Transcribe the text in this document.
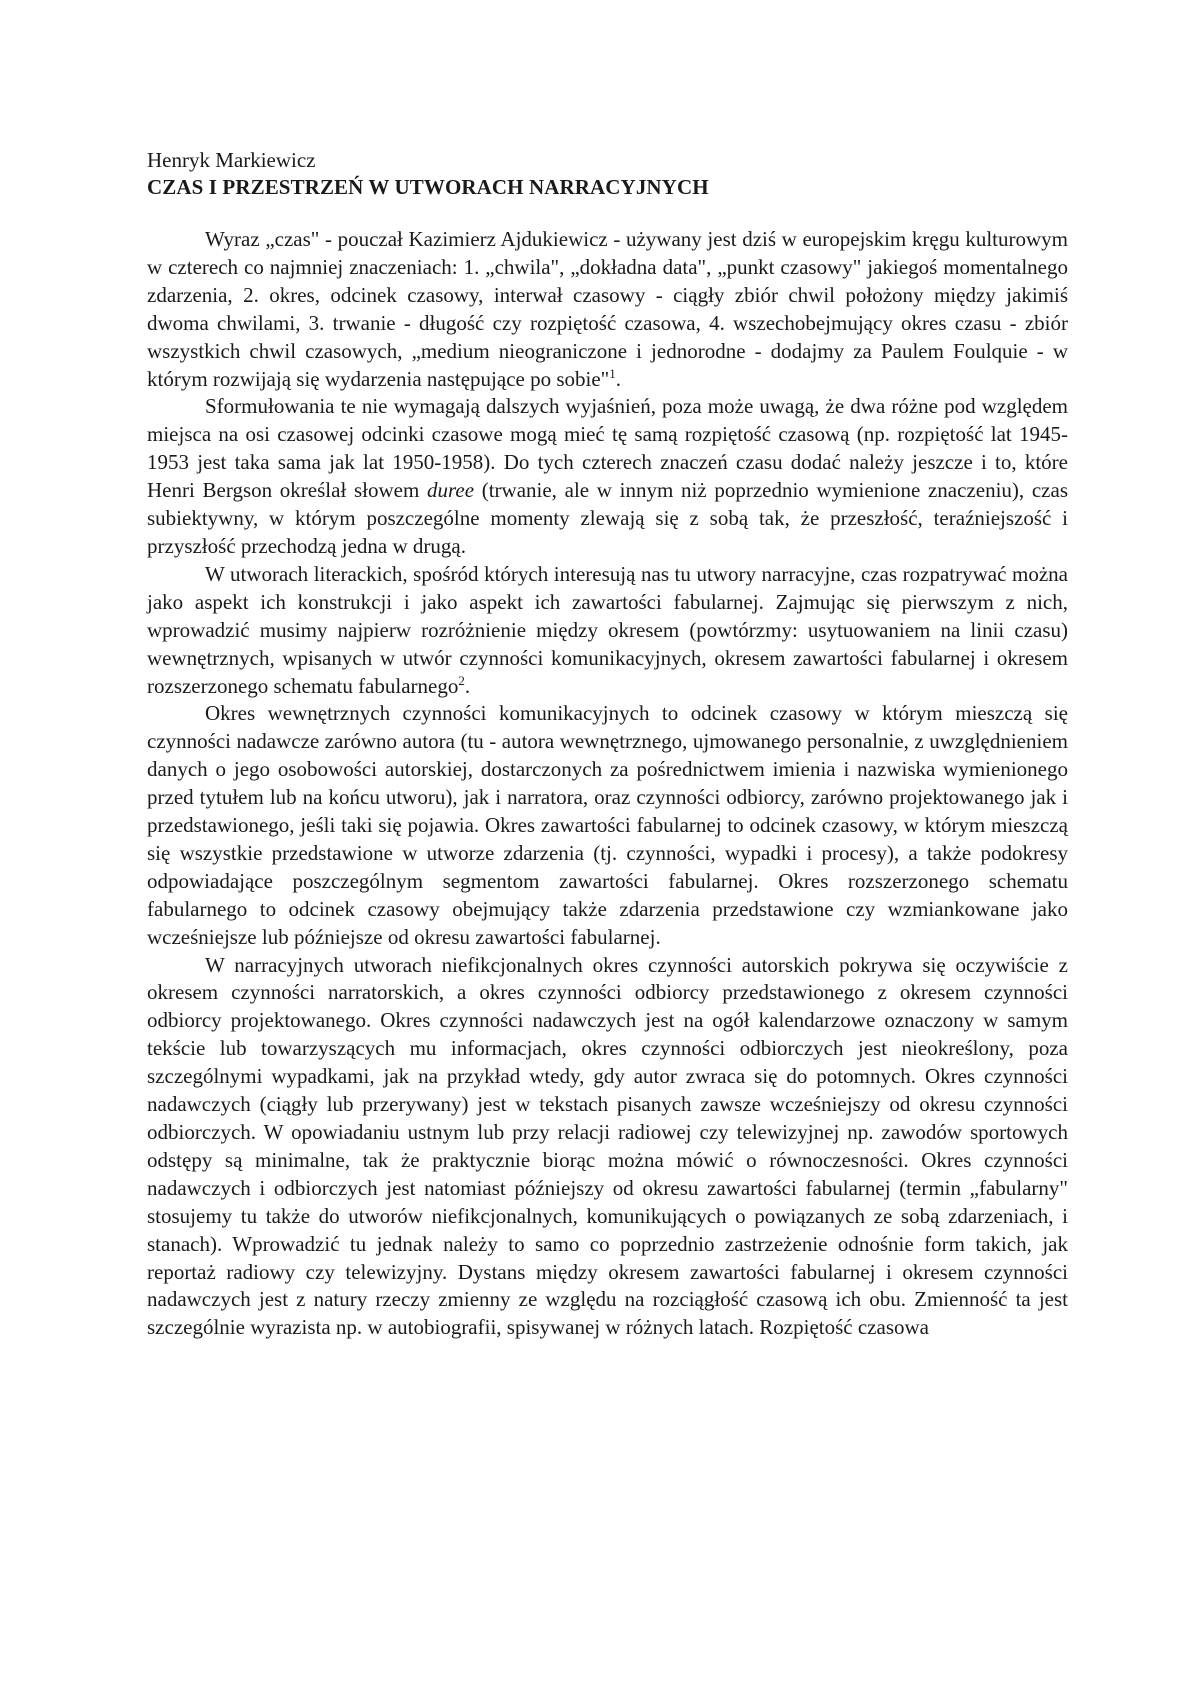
Henryk Markiewicz

CZAS I PRZESTRZEŃ W UTWORACH NARRACYJNYCH

Wyraz „czas" - pouczał Kazimierz Ajdukiewicz - używany jest dziś w europejskim kręgu kulturowym w czterech co najmniej znaczeniach: 1. „chwila", „dokładna data", „punkt czasowy" jakiegoś momentalnego zdarzenia, 2. okres, odcinek czasowy, interwał czasowy - ciągły zbiór chwil położony między jakimiś dwoma chwilami, 3. trwanie - długość czy rozpiętość czasowa, 4. wszechobejmujący okres czasu - zbiór wszystkich chwil czasowych, „medium nieograniczone i jednorodne - dodajmy za Paulem Foulquie - w którym rozwijają się wydarzenia następujące po sobie"$^1$.

Sformułowania te nie wymagają dalszych wyjaśnień, poza może uwagą, że dwa różne pod względem miejsca na osi czasowej odcinki czasowe mogą mieć tę samą rozpiętość czasową (np. rozpiętość lat 1945-1953 jest taka sama jak lat 1950-1958). Do tych czterech znaczeń czasu dodać należy jeszcze i to, które Henri Bergson określał słowem duree (trwanie, ale w innym niż poprzednio wymienione znaczeniu), czas subiektywny, w którym poszczególne momenty zlewają się z sobą tak, że przeszłość, teraźniejszość i przyszłość przechodzą jedna w drugą.

W utworach literackich, spośród których interesują nas tu utwory narracyjne, czas rozpatrywać można jako aspekt ich konstrukcji i jako aspekt ich zawartości fabularnej. Zajmując się pierwszym z nich, wprowadzić musimy najpierw rozróżnienie między okresem (powtórzmy: usytuowaniem na linii czasu) wewnętrznych, wpisanych w utwór czynności komunikacyjnych, okresem zawartości fabularnej i okresem rozszerzonego schematu fabularnego$^2$.

Okres wewnętrznych czynności komunikacyjnych to odcinek czasowy w którym mieszczą się czynności nadawcze zarówno autora (tu - autora wewnętrznego, ujmowanego personalnie, z uwzględnieniem danych o jego osobowości autorskiej, dostarczonych za pośrednictwem imienia i nazwiska wymienionego przed tytułem lub na końcu utworu), jak i narratora, oraz czynności odbiorcy, zarówno projektowanego jak i przedstawionego, jeśli taki się pojawia. Okres zawartości fabularnej to odcinek czasowy, w którym mieszczą się wszystkie przedstawione w utworze zdarzenia (tj. czynności, wypadki i procesy), a także podokresy odpowiadające poszczególnym segmentom zawartości fabularnej. Okres rozszerzonego schematu fabularnego to odcinek czasowy obejmujący także zdarzenia przedstawione czy wzmiankowane jako wcześniejsze lub późniejsze od okresu zawartości fabularnej.

W narracyjnych utworach niefikcjonalnych okres czynności autorskich pokrywa się oczywiście z okresem czynności narratorskich, a okres czynności odbiorcy przedstawionego z okresem czynności odbiorcy projektowanego. Okres czynności nadawczych jest na ogół kalendarzowe oznaczony w samym tekście lub towarzyszących mu informacjach, okres czynności odbiorczych jest nieokreślony, poza szczególnymi wypadkami, jak na przykład wtedy, gdy autor zwraca się do potomnych. Okres czynności nadawczych (ciągły lub przerywany) jest w tekstach pisanych zawsze wcześniejszy od okresu czynności odbiorczych. W opowiadaniu ustnym lub przy relacji radiowej czy telewizyjnej np. zawodów sportowych odstępy są minimalne, tak że praktycznie biorąc można mówić o równoczesności. Okres czynności nadawczych i odbiorczych jest natomiast późniejszy od okresu zawartości fabularnej (termin „fabularny" stosujemy tu także do utworów niefikcjonalnych, komunikujących o powiązanych ze sobą zdarzeniach, i stanach). Wprowadzić tu jednak należy to samo co poprzednio zastrzeżenie odnośnie form takich, jak reportaż radiowy czy telewizyjny. Dystans między okresem zawartości fabularnej i okresem czynności nadawczych jest z natury rzeczy zmienny ze względu na rozciągłość czasową ich obu. Zmienność ta jest szczególnie wyrazista np. w autobiografii, spisywanej w różnych latach. Rozpiętość czasowa
